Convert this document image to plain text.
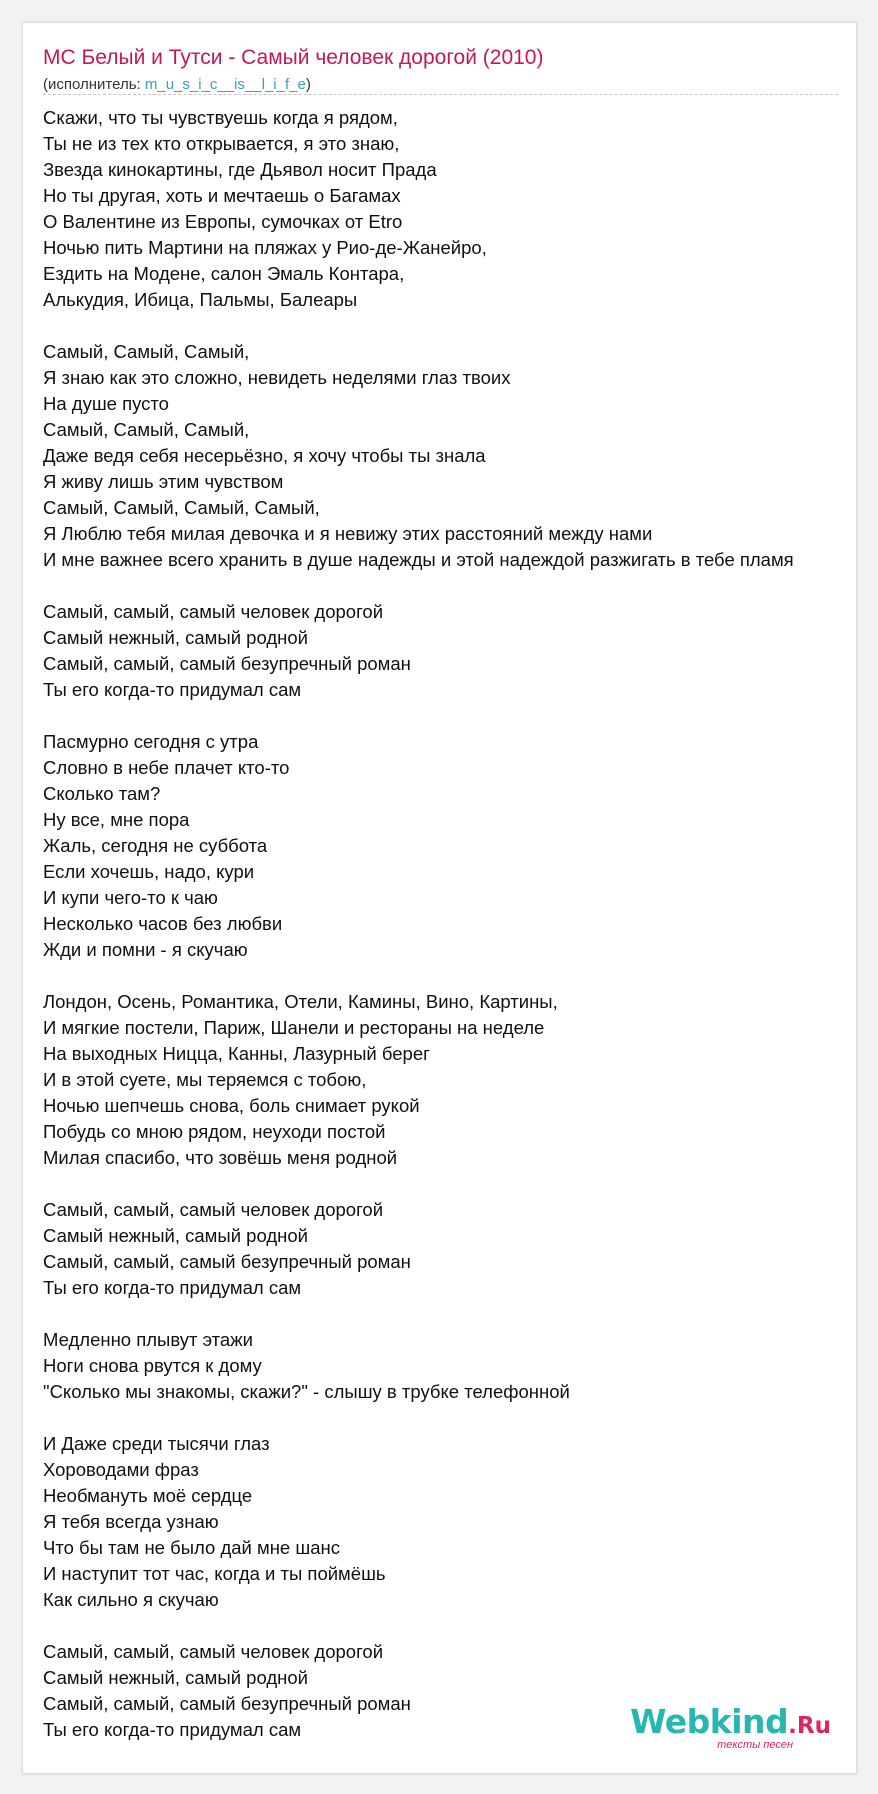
MC Белый и Тутси - Самый человек дорогой (2010)
(исполнитель: m_u_s_i_c__is__l_i_f_e)
Скажи, что ты чувствуешь когда я рядом,
Ты не из тех кто открывается, я это знаю,
Звезда кинокартины, где Дьявол носит Прада
Но ты другая, хоть и мечтаешь о Багамах
О Валентине из Европы, сумочках от Etro
Ночью пить Мартини на пляжах у Рио-де-Жанейро,
Ездить на Модене, салон Эмаль Контара,
Алькудия, Ибица, Пальмы, Балеары
Самый, Самый, Самый,
Я знаю как это сложно, невидеть неделями глаз твоих
На душе пусто
Самый, Самый, Самый,
Даже ведя себя несерьёзно, я хочу чтобы ты знала
Я живу лишь этим чувством
Самый, Самый, Самый, Самый,
Я Люблю тебя милая девочка и я невижу этих расстояний между нами
И мне важнее всего хранить в душе надежды и этой надеждой разжигать в тебе пламя
Самый, самый, самый человек дорогой
Самый нежный, самый родной
Самый, самый, самый безупречный роман
Ты его когда-то придумал сам
Пасмурно сегодня с утра
Словно в небе плачет кто-то
Сколько там?
Ну все, мне пора
Жаль, сегодня не суббота
Если хочешь, надо, кури
И купи чего-то к чаю
Несколько часов без любви
Жди и помни - я скучаю
Лондон, Осень, Романтика, Отели, Камины, Вино, Картины,
И мягкие постели, Париж, Шанели и рестораны на неделе
На выходных Ницца, Канны, Лазурный берег
И в этой суете, мы теряемся с тобою,
Ночью шепчешь снова, боль снимает рукой
Побудь со мною рядом, неуходи постой
Милая спасибо, что зовёшь меня родной
Самый, самый, самый человек дорогой
Самый нежный, самый родной
Самый, самый, самый безупречный роман
Ты его когда-то придумал сам
Медленно плывут этажи
Ноги снова рвутся к дому
"Сколько мы знакомы, скажи?" - слышу в трубке телефонной
И Даже среди тысячи глаз
Хороводами фраз
Необмануть моё сердце
Я тебя всегда узнаю
Что бы там не было дай мне шанс
И наступит тот час, когда и ты поймёшь
Как сильно я скучаю
Самый, самый, самый человек дорогой
Самый нежный, самый родной
Самый, самый, самый безупречный роман
Ты его когда-то придумал сам	Webkind.Ru
тексты песен
